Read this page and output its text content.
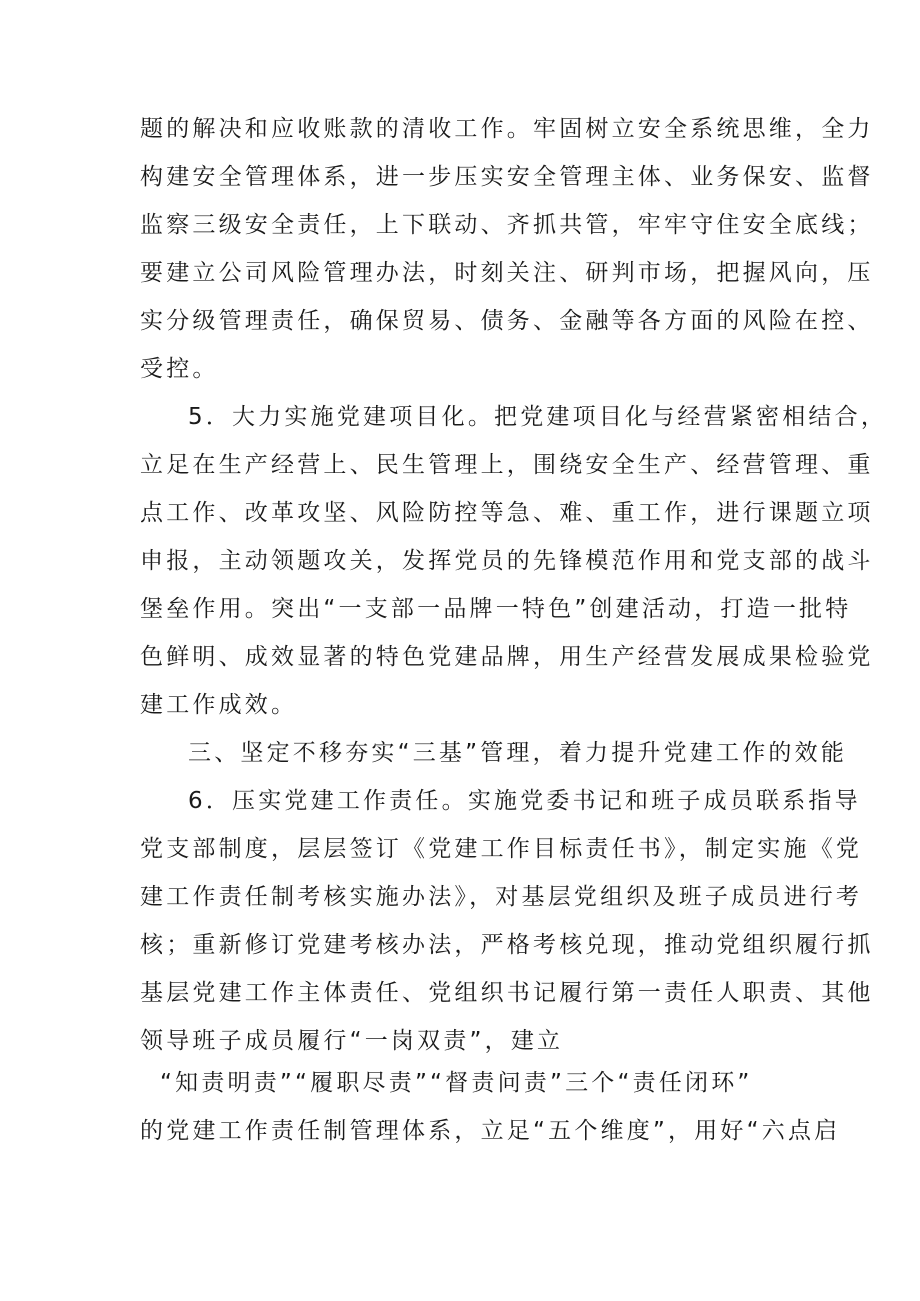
题的解决和应收账款的清收工作。牢固树立安全系统思维，全力
构建安全管理体系，进一步压实安全管理主体、业务保安、监督
监察三级安全责任，上下联动、齐抓共管，牢牢守住安全底线；
要建立公司风险管理办法，时刻关注、研判市场，把握风向，压
实分级管理责任，确保贸易、债务、金融等各方面的风险在控、
受控。
5．大力实施党建项目化。把党建项目化与经营紧密相结合，
立足在生产经营上、民生管理上，围绕安全生产、经营管理、重
点工作、改革攻坚、风险防控等急、难、重工作，进行课题立项
申报，主动领题攻关，发挥党员的先锋模范作用和党支部的战斗
堡垒作用。突出“一支部一品牌一特色”创建活动，打造一批特
色鲜明、成效显著的特色党建品牌，用生产经营发展成果检验党
建工作成效。
三、坚定不移夯实“三基”管理，着力提升党建工作的效能
6．压实党建工作责任。实施党委书记和班子成员联系指导
党支部制度，层层签订《党建工作目标责任书》，制定实施《党
建工作责任制考核实施办法》，对基层党组织及班子成员进行考
核；重新修订党建考核办法，严格考核兑现，推动党组织履行抓
基层党建工作主体责任、党组织书记履行第一责任人职责、其他
领导班子成员履行“一岗双责”，建立
“知责明责”“履职尽责”“督责问责”三个“责任闭环”
的党建工作责任制管理体系，立足“五个维度”，用好“六点启
